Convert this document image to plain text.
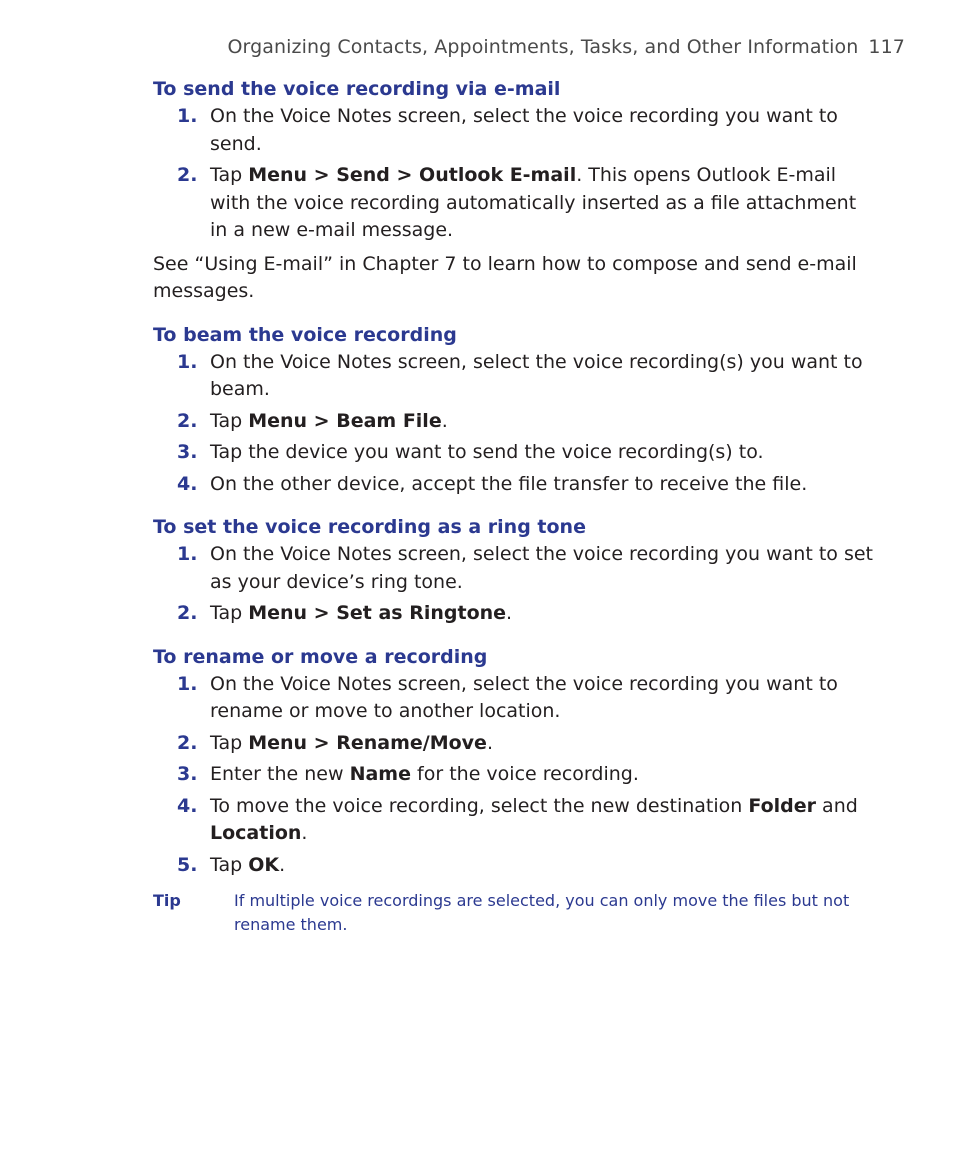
Organizing Contacts, Appointments, Tasks, and Other Information 117
To send the voice recording via e-mail
1. On the Voice Notes screen, select the voice recording you want to send.
2. Tap Menu > Send > Outlook E-mail. This opens Outlook E-mail with the voice recording automatically inserted as a file attachment in a new e-mail message.

See “Using E-mail” in Chapter 7 to learn how to compose and send e-mail messages.

To beam the voice recording
1. On the Voice Notes screen, select the voice recording(s) you want to beam.
2. Tap Menu > Beam File.
3. Tap the device you want to send the voice recording(s) to.
4. On the other device, accept the file transfer to receive the file.
To set the voice recording as a ring tone
1. On the Voice Notes screen, select the voice recording you want to set as your device’s ring tone.
2. Tap Menu > Set as Ringtone.
To rename or move a recording
1. On the Voice Notes screen, select the voice recording you want to rename or move to another location.
2. Tap Menu > Rename/Move.
3. Enter the new Name for the voice recording.
4. To move the voice recording, select the new destination Folder and Location.
5. Tap OK.
Tip	If multiple voice recordings are selected, you can only move the files but not rename them.
